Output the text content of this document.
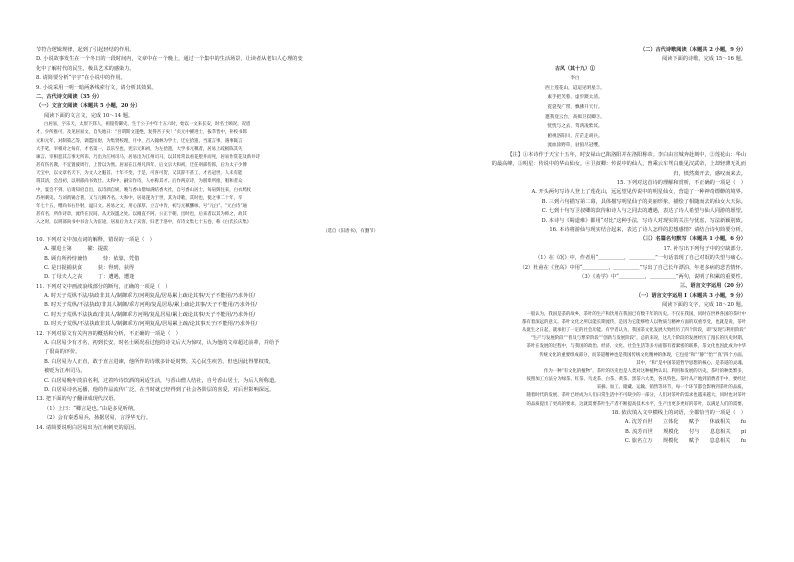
节符合逻辑规律，起到了引起轻结的作用。
D. 小说故事发生在一个冬日的一段时间内，文章中在一个晚上，通过一个集中的生活场景，让读者从老妇人心理的变
化中了解村代的民生，极具艺术的感染力。
8. 请简要分析“宇宇”在小说中的作用。
9. 小说采用一明一暗两条线索行文，请分析其效果。
二、古代诗文阅读（35 分）
（一）文言文阅读（本题共 5 小题，20 分）
阅读下面的文言文，完成 10～14 题。
白居易，字乐天，太原下邽人，祖锽侍御史、生于公子中年十五六时，始以一文来长安，时名士顾况，况恩
才，少所推可，及见居易文，自失地曰：“吾谓斯文遂绝，复得吾子矣！”贞元中擢进士，拔萃皆中，补校书郎
元和元年，对制策乙等，调盩厔尉，为集贤校理，月中，召入翰林为学士，迁左拾遗，当道言事，遇事辄言
大手笔，宰相对之每有，才名第一，以乐至也，宪宗元和初，为左拾遗，大学书元稹者，居易上疏极陈其失
谏言、宰相恶其言事无所讳，乃出为江州司马，居易出为江州司马，以其母常以看花堕井而死，居易作赏花及新井诗
甚有伤名教，不宜置彼周行，上皆以为然。居易在江州凡四年，后文宗大和初，迁任刑部侍郎，后为太子少傅
天宝中，以文章名天下，为文人之魁首。十年不变，于是，可喜可贺，又其辞不甚工，才名冠世，人未有能
谓其清，会昌初，以刑部尚书致仕。太和中，嗣宗作诗，人亦称其才。后作两京诗，为朋辈所推，唱和者众
中，宴会不到、后请知府自出，以诗酒自娱，晚与香山僧如满结香火社，自号香山居士，每肩舆往来，白衣鸠杖
苏州刺史。与刘禹锡合著，又与元稹齐名。大和中，居易遂为于世，其为诗歌，其时也，使之事二十年，卒
年七十五，赠尚书右仆射，谥曰文。居易之文，用心深厚，立言中肯，初与元稹酬咏，号“元白”。“元白诗”通
甚有名，所作诗章，流传在民间，从无误滥之处。以刚直不阿、公正于朝，出时也，后来者以其为师之，故其
入之时，以刑部尚书中书舍人为宦途，居易后为太子宾客，归老于洛中，有诗文集七十五卷，称《白氏长庆集》
（选自《旧唐书》，有删节）
10. 下列对文中加点词的解释，错误的一项是（　）
A. 擢进士第　　　擢：提拔
B. 顾有所矜恃兼恃　　　恃：依靠，凭借
C. 是日捉捕获食　　　获：得到，获得
D. 丁母夫人之丧　　　丁：遭遇，遭逢
11. 下列对文中画波浪线部分的断句，正确的一项是（　）
A. 时天子荒纵不法/执政非其人/制御乖方/河朔复乱/居易累上疏论其事/天子不能用/乃求外任/
B. 时天子荒纵/不法执政/非其人制御/乖方河朔/复乱居易/累上疏论其事/天子不能用/乃求外任/
C. 时天子荒纵不法执政/非其人/制御乖方河朔/复乱居易/累上疏论其事/天子不能用/乃求外任/
D. 时天子荒纵/不法执政非其人/制御乖方/河朔复乱/居易累上疏/论其事天子/不能用/乃求外任/
12. 下列对原文有关内容的概括和分析，不正确的一项是（　）
A. 白居易少有才名，初到长安，时名士顾况看过他的诗文后大为惊叹，认为他的文章超过前辈，并给予
了很高的评价。
B. 白居易为人正直，敢于直言进谏，他所作的诗歌多针砭时弊，关心民生疾苦，但也因此得罪权贵，
被贬为江州司马。
C. 白居易晚年淡泊名利，过着吟诗饮酒的闲适生活，与香山僧人结社，自号香山居士，为后人所称道。
D. 白居易诗名远播，他的作品流传广泛，在当时就已经得到了社会各阶层的喜爱，对后世影响深远。
13. 把下面的句子翻译成现代汉语。
（1）上曰：“卿言是也。”由是多见听纳。
（2）会有秦悉易兵，扬据居易，言浮华无行。
14. 请简要说明白居易出为江州刺史的原因。
（二）古代诗歌阅读（本题共 2 小题，9 分）
阅读下面的诗歌，完成 15～16 题。
古风（其十九）①
李白
西上莲花山，迢迢见明星②。
素手把芙蓉，虚步蹑太清。
霓裳曳广带，飘拂升天行。
邀我登云台，高揖卫叔卿③。
恍恍与之去，驾鸿凌紫冥。
俯视洛阳川，茫茫走胡兵。
流血涂野草，豺狼尽冠缨。
【注】①本诗作于天宝十五年，时安禄山已陷洛阳并在洛阳称帝。李白由宣城奔赴剡中，②莲花山：华山
的最高峰，③明星：传说中的华山仙女。④卫叔卿：传说中的仙人，曾乘云车驾白鹿见汉武帝，上却轻薄无礼而
归，愤然离开去，感叹而来去。
15. 下列对这首诗的理解和赏析，不正确的一项是（　）
A. 开头两句写诗人登上了莲花山，远远望见传说中的明星仙女，营造了一种神奇缥缈的境界。
B. 三到六句描写第二幕，具体描写明星仙子的美丽形象，描绘了相随而去的仙女大天际。
C. 七到十句写卫叔卿的款待和诗人与之同去的遭遇，表达了诗人希望与仙人同游的愿望。
D. 本诗与《蜀道难》都用“对比”这种手法，写诗人对现实的关注与忧虑，写法新颖别致。
16. 本诗将游仙与现实结合起来，表达了诗人怎样的思想感情？请结合诗句简要分析。
（三）名篇名句默写（本题共 1 小题，6 分）
17. 补写出下列句子中的空缺部分。
（1）在《氓》中，作者用“＿＿＿＿＿，＿＿＿＿＿”一句话表现了自己对氓的失望与痛心。
（2）杜甫在《登高》中用“＿＿＿＿＿，＿＿＿＿＿”写出了自己长年漂泊、年老多病的悲苦情怀。
（3）《劝学》中“＿＿＿＿＿，＿＿＿＿＿”两句，说明了积累的重要性。
三、语言文字运用（20 分）
（一）语言文字运用 I（本题共 3 小题，9 分）
阅读下面的文字，完成 18～20 题。
一般认为，我国是茶的故乡，茶叶的生产和饮用在我国已有数千年的历史。不仅在我国，同时在世界各国的茶叶中
都有着深远的意义。茶叶文化之所以能长期流传，是因为它能够给人以物质与精神方面的双重享受，也就是说，茶叶
从诞生之日起，就承担了一定的社会功能。有学者认为，我国茶文化发展大致经历了四个阶段，即“发现与利用阶段”
“生产与发展阶段”“普及与繁荣阶段”“创新与发展阶段”。总的来说，这几个阶段的发展经历了漫长的历史时期。
茶叶在发展的过程中，与我国的政治、经济、文化、社会生活等多方面都有着紧密的联系，茶文化也因此成为中华
传统文化的重要组成部分，而茶道精神也是我国传统文化精神的体现，它包括“和”“静”“怡”“真”四个方面。
其中，“和”是中国茶道哲学思想的核心，是茶道的灵魂。
作为一种“有文化的植物”，茶叶的历史也是人类对这种植物认识、利用和发展的历史。茶叶的种类繁多，
按照加工方法分为绿茶、红茶、乌龙茶、白茶、黄茶、黑茶六大类，各具特色。茶叶从产地到消费者手中，要经过
采摘、加工、储藏、运输、销售等环节，每一个环节都会影响到茶叶的品质。
随着时代的发展，茶叶已经成为人们日常生活中不可缺少的一部分，人们对茶叶的需求也越来越大，同时也对茶叶
的品质提出了更高的要求，这就需要茶叶生产者不断提高技术水平，生产出更多更好的茶叶，以满足人们的需要。
18. 依次填入文中横线上的词语，全都恰当的一项是（　）
A. 沈芳百世　　立体化　　赋予　　休戚相关　　fu
B. 流芳百世　　规模化　　付与　　息息相关　　pi
C. 旅名立万　　规模化　　赋予　　息息相关　　fu
